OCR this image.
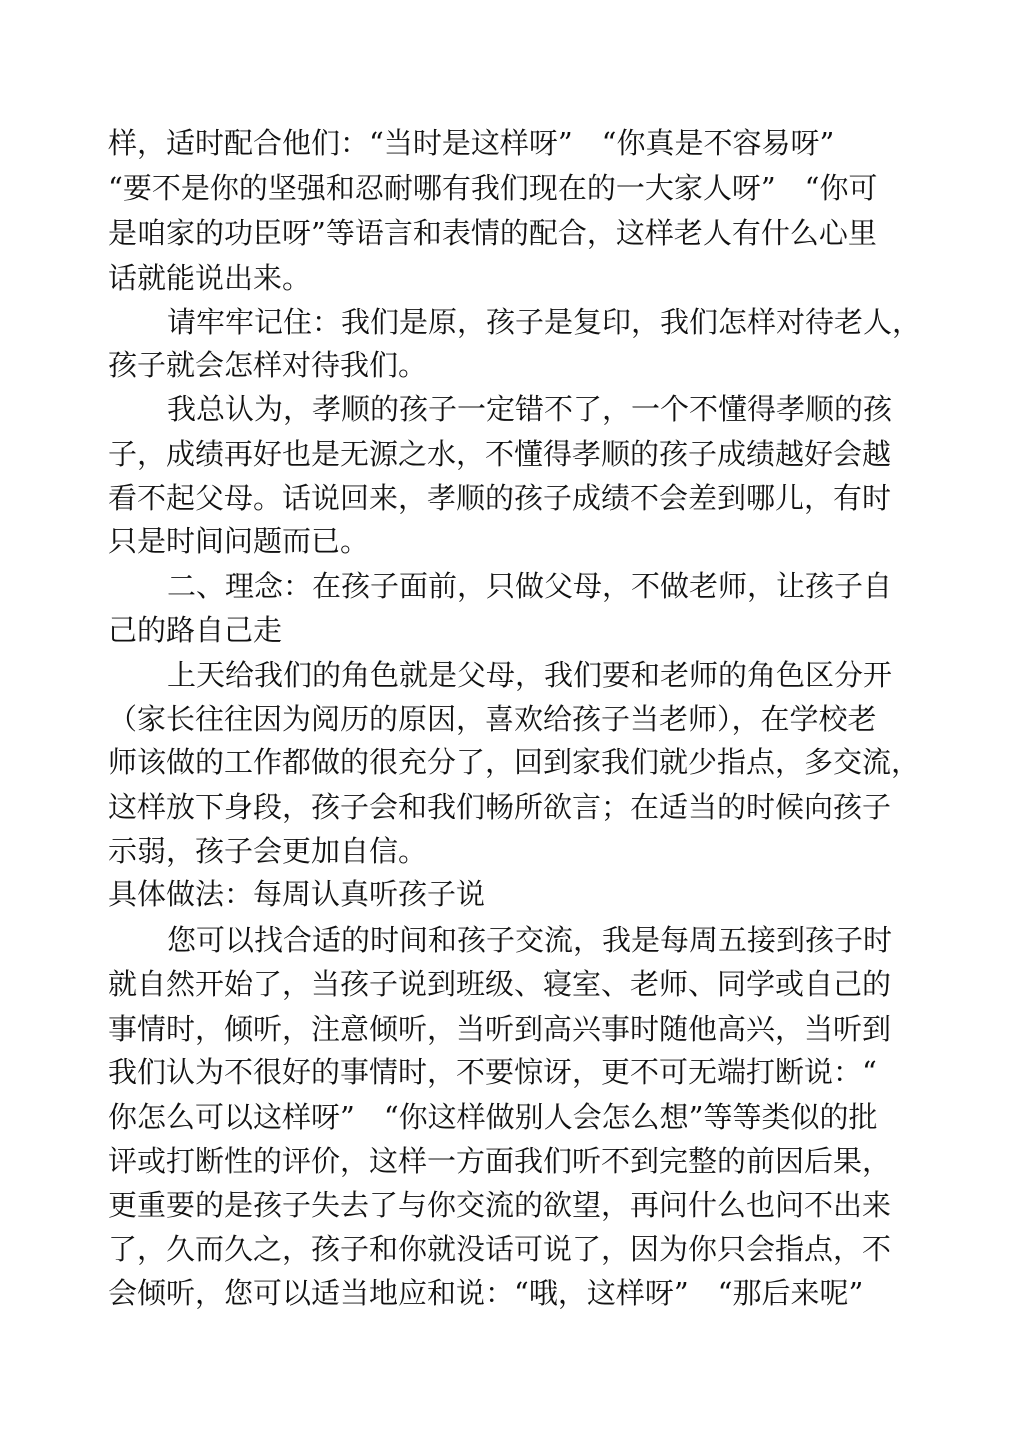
样，适时配合他们：“当时是这样呀”　“你真是不容易呀”
“要不是你的坚强和忍耐哪有我们现在的一大家人呀”　“你可
是咱家的功臣呀”等语言和表情的配合，这样老人有什么心里
话就能说出来。
请牢牢记住：我们是原，孩子是复印，我们怎样对待老人，
孩子就会怎样对待我们。
我总认为，孝顺的孩子一定错不了，一个不懂得孝顺的孩
子，成绩再好也是无源之水，不懂得孝顺的孩子成绩越好会越
看不起父母。话说回来，孝顺的孩子成绩不会差到哪儿，有时
只是时间问题而已。
二、理念：在孩子面前，只做父母，不做老师，让孩子自
己的路自己走
上天给我们的角色就是父母，我们要和老师的角色区分开
（家长往往因为阅历的原因，喜欢给孩子当老师），在学校老
师该做的工作都做的很充分了，回到家我们就少指点，多交流，
这样放下身段，孩子会和我们畅所欲言；在适当的时候向孩子
示弱，孩子会更加自信。
具体做法：每周认真听孩子说
您可以找合适的时间和孩子交流，我是每周五接到孩子时
就自然开始了，当孩子说到班级、寝室、老师、同学或自己的
事情时，倾听，注意倾听，当听到高兴事时随他高兴，当听到
我们认为不很好的事情时，不要惊讶，更不可无端打断说：“
你怎么可以这样呀”　“你这样做别人会怎么想”等等类似的批
评或打断性的评价，这样一方面我们听不到完整的前因后果，
更重要的是孩子失去了与你交流的欲望，再问什么也问不出来
了，久而久之，孩子和你就没话可说了，因为你只会指点，不
会倾听，您可以适当地应和说：“哦，这样呀”　“那后来呢”
